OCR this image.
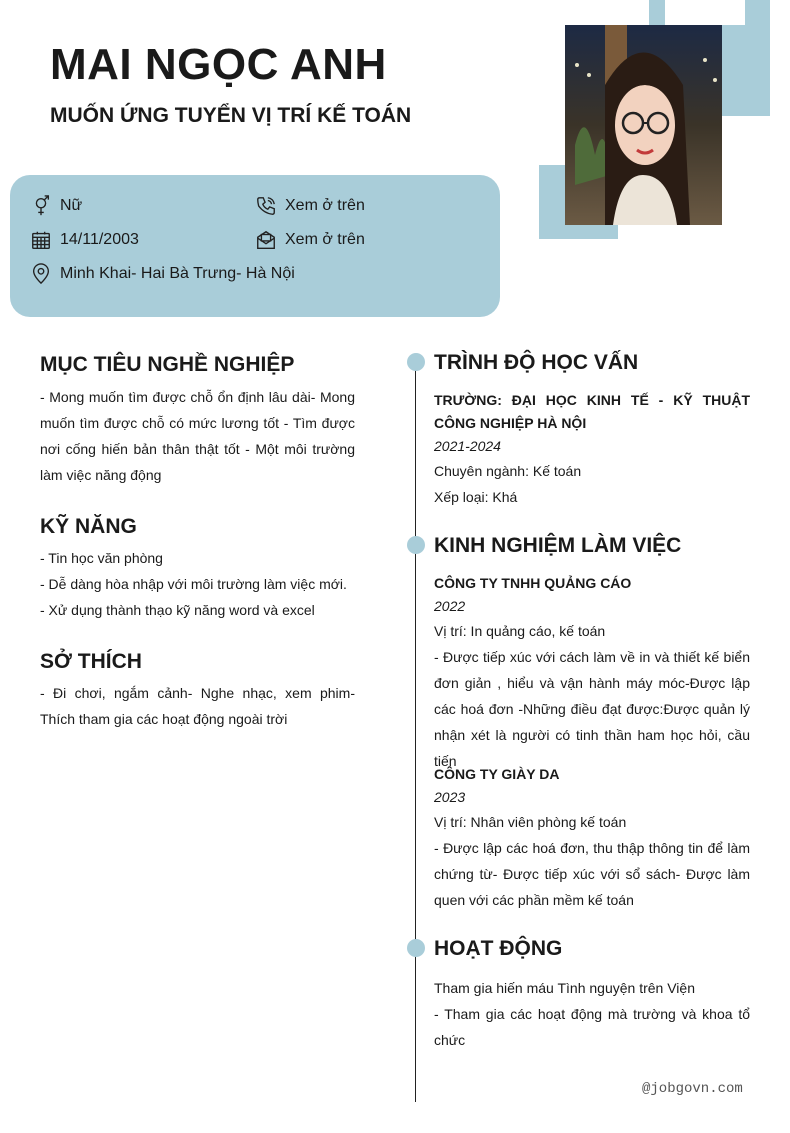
MAI NGỌC ANH
MUỐN ỨNG TUYỂN VỊ TRÍ KẾ TOÁN
Nữ	Xem ở trên
14/11/2003	Xem ở trên
Minh Khai- Hai Bà Trưng- Hà Nội
MỤC TIÊU NGHỀ NGHIỆP
- Mong muốn tìm được chỗ ổn định lâu dài- Mong muốn tìm được chỗ có mức lương tốt - Tìm được nơi cống hiến bản thân thật tốt - Một môi trường làm việc năng động
KỸ NĂNG
- Tin học văn phòng
- Dễ dàng hòa nhập với môi trường làm việc mới.
- Xử dụng thành thạo kỹ năng word và excel
SỞ THÍCH
- Đi chơi, ngắm cảnh- Nghe nhạc, xem phim- Thích tham gia các hoạt động ngoài trời
TRÌNH ĐỘ HỌC VẤN
TRƯỜNG: ĐẠI HỌC KINH TẾ - KỸ THUẬT CÔNG NGHIỆP HÀ NỘI
2021-2024
Chuyên ngành: Kế toán
Xếp loại: Khá
KINH NGHIỆM LÀM VIỆC
CÔNG TY TNHH QUẢNG CÁO
2022
Vị trí: In quảng cáo, kế toán
- Được tiếp xúc với cách làm về in và thiết kế biển đơn giản , hiểu và vận hành máy móc-Được lập các hoá đơn -Những điều đạt được:Được quản lý nhận xét là người có tinh thần ham học hỏi, cầu tiến
CÔNG TY GIÀY DA
2023
Vị trí: Nhân viên phòng kế toán
- Được lập các hoá đơn, thu thập thông tin để làm chứng từ- Được tiếp xúc với sổ sách- Được làm quen với các phần mềm kế toán
HOẠT ĐỘNG
Tham gia hiến máu Tình nguyện trên Viện
- Tham gia các hoạt động mà trường và khoa tổ chức
@jobgovn.com
